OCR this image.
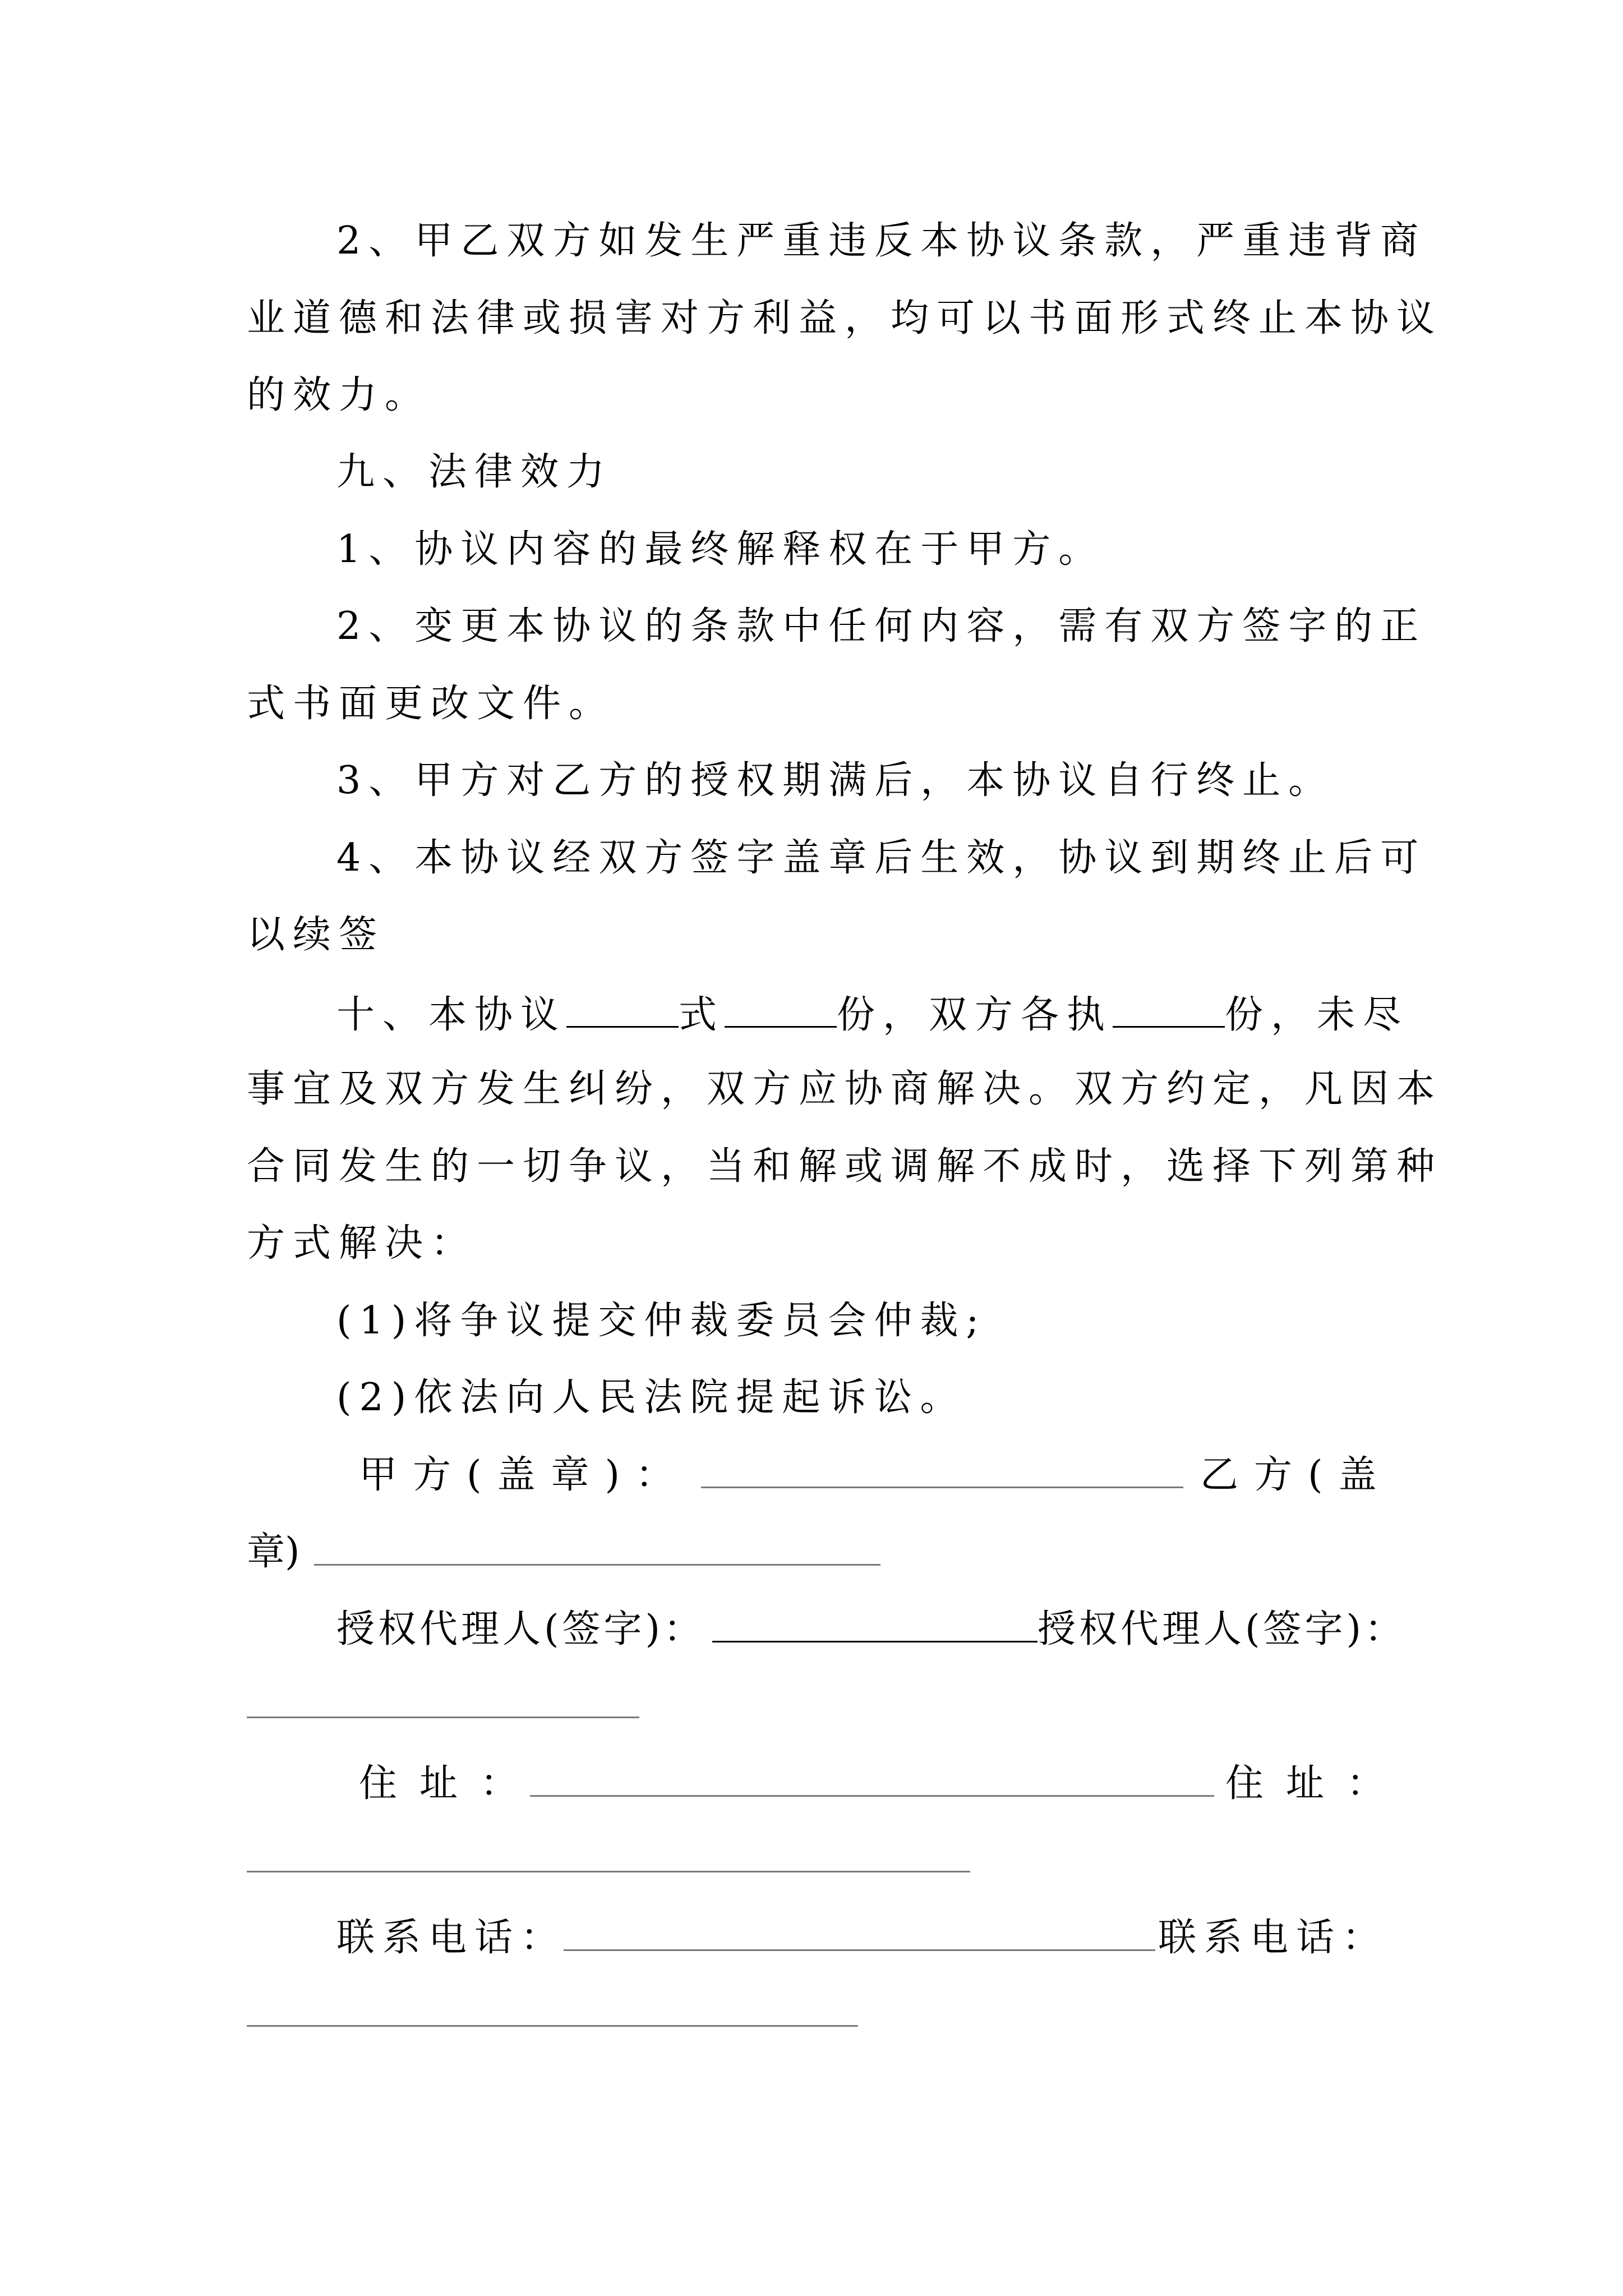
2、甲乙双方如发生严重违反本协议条款，严重违背商
业道德和法律或损害对方利益，均可以书面形式终止本协议
的效力。
九、法律效力
1、协议内容的最终解释权在于甲方。
2、变更本协议的条款中任何内容，需有双方签字的正
式书面更改文件。
3、甲方对乙方的授权期满后，本协议自行终止。
4、本协议经双方签字盖章后生效，协议到期终止后可
以续签
十、本协议	式	份，双方各执	份，未尽
事宜及双方发生纠纷，双方应协商解决。双方约定，凡因本
合同发生的一切争议，当和解或调解不成时，选择下列第种
方式解决：
(1)将争议提交仲裁委员会仲裁;
(2)依法向人民法院提起诉讼。
甲方(盖章)：	乙方(盖
章)
授权代理人(签字)：	授权代理人(签字)：
住址：	住址：
联系电话：	联系电话：
